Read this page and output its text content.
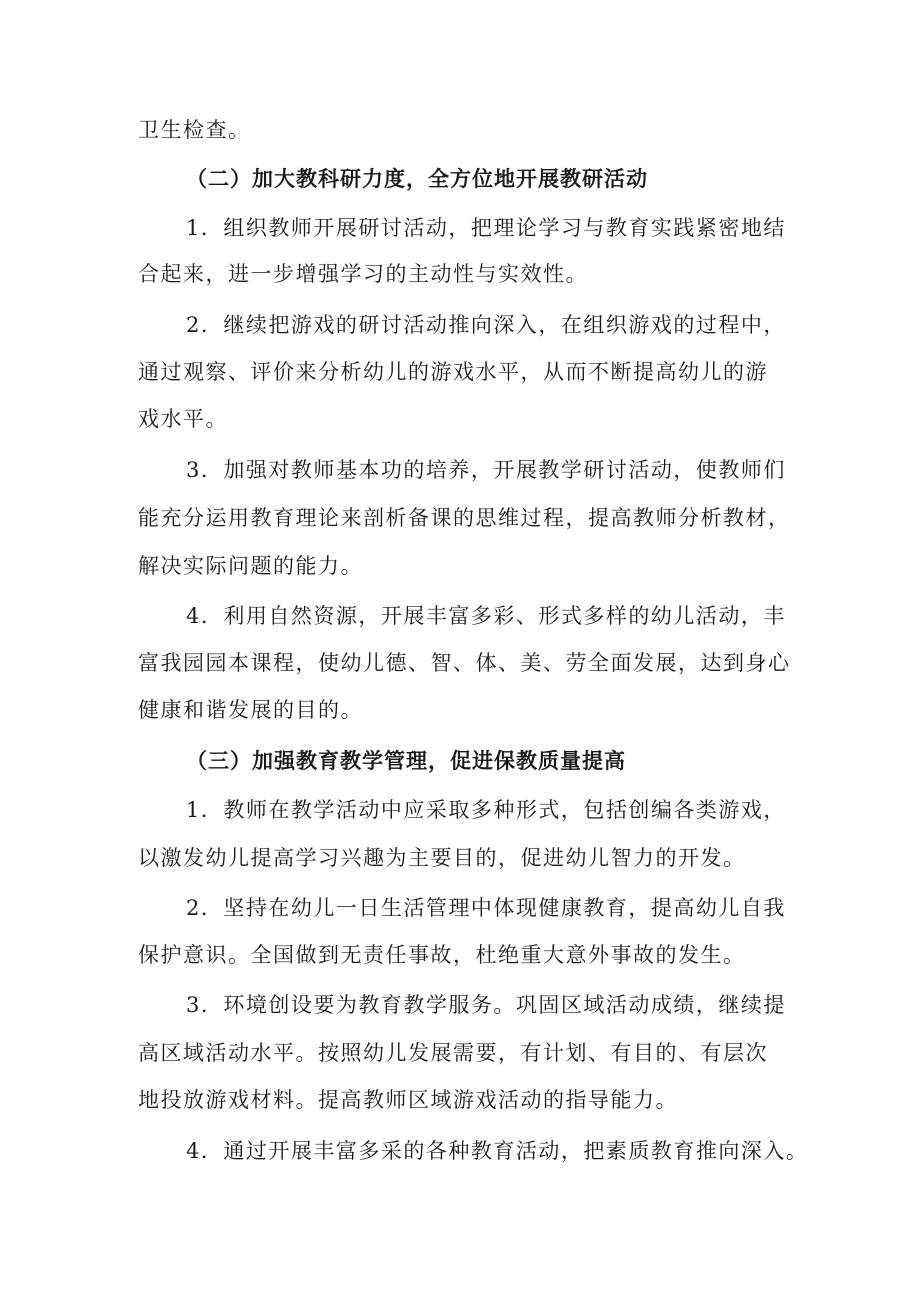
卫生检查。
（二）加大教科研力度，全方位地开展教研活动
1．组织教师开展研讨活动，把理论学习与教育实践紧密地结
合起来，进一步增强学习的主动性与实效性。
2．继续把游戏的研讨活动推向深入，在组织游戏的过程中，
通过观察、评价来分析幼儿的游戏水平，从而不断提高幼儿的游
戏水平。
3．加强对教师基本功的培养，开展教学研讨活动，使教师们
能充分运用教育理论来剖析备课的思维过程，提高教师分析教材，
解决实际问题的能力。
4．利用自然资源，开展丰富多彩、形式多样的幼儿活动，丰
富我园园本课程，使幼儿德、智、体、美、劳全面发展，达到身心
健康和谐发展的目的。
（三）加强教育教学管理，促进保教质量提高
1．教师在教学活动中应采取多种形式，包括创编各类游戏，
以激发幼儿提高学习兴趣为主要目的，促进幼儿智力的开发。
2．坚持在幼儿一日生活管理中体现健康教育，提高幼儿自我
保护意识。全国做到无责任事故，杜绝重大意外事故的发生。
3．环境创设要为教育教学服务。巩固区域活动成绩，继续提
高区域活动水平。按照幼儿发展需要，有计划、有目的、有层次
地投放游戏材料。提高教师区域游戏活动的指导能力。
4．通过开展丰富多采的各种教育活动，把素质教育推向深入。
